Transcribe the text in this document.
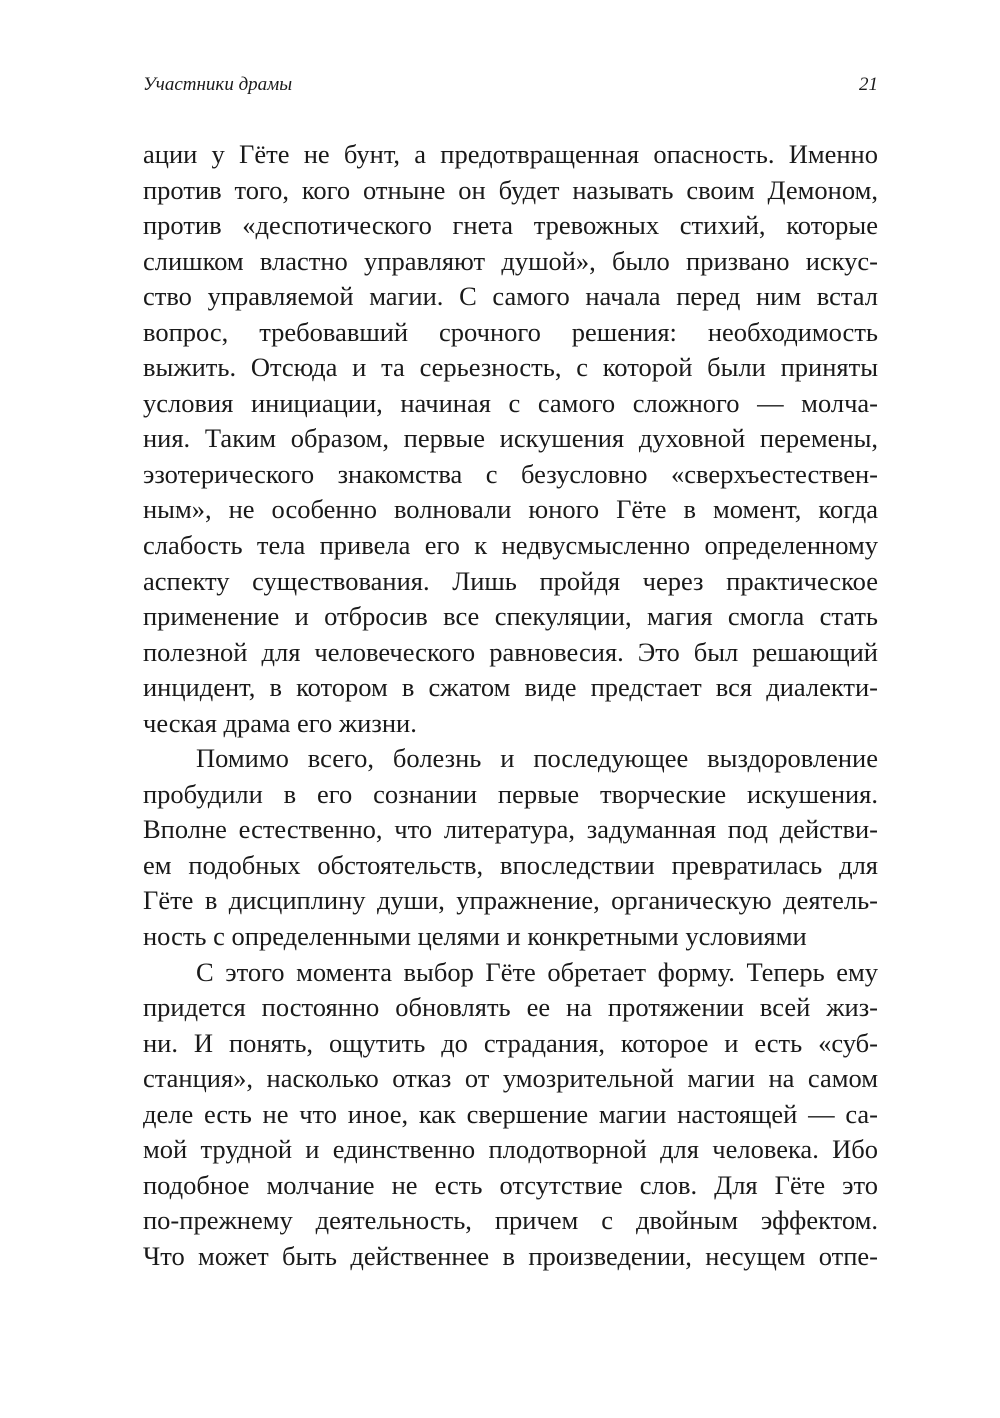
Участники драмы	21
ации у Гёте не бунт, а предотвращенная опасность. Именно
против того, кого отныне он будет называть своим Демоном,
против «деспотического гнета тревожных стихий, которые
слишком властно управляют душой», было призвано искус-
ство управляемой магии. С самого начала перед ним встал
вопрос, требовавший срочного решения: необходимость
выжить. Отсюда и та серьезность, с которой были приняты
условия инициации, начиная с самого сложного — молча-
ния. Таким образом, первые искушения духовной перемены,
эзотерического знакомства с безусловно «сверхъестествен-
ным», не особенно волновали юного Гёте в момент, когда
слабость тела привела его к недвусмысленно определенному
аспекту существования. Лишь пройдя через практическое
применение и отбросив все спекуляции, магия смогла стать
полезной для человеческого равновесия. Это был решающий
инцидент, в котором в сжатом виде предстает вся диалекти-
ческая драма его жизни.
Помимо всего, болезнь и последующее выздоровление
пробудили в его сознании первые творческие искушения.
Вполне естественно, что литература, задуманная под действи-
ем подобных обстоятельств, впоследствии превратилась для
Гёте в дисциплину души, упражнение, органическую деятель-
ность с определенными целями и конкретными условиями
С этого момента выбор Гёте обретает форму. Теперь ему
придется постоянно обновлять ее на протяжении всей жиз-
ни. И понять, ощутить до страдания, которое и есть «суб-
станция», насколько отказ от умозрительной магии на самом
деле есть не что иное, как свершение магии настоящей — са-
мой трудной и единственно плодотворной для человека. Ибо
подобное молчание не есть отсутствие слов. Для Гёте это
по-прежнему деятельность, причем с двойным эффектом.
Что может быть действеннее в произведении, несущем отпе-
